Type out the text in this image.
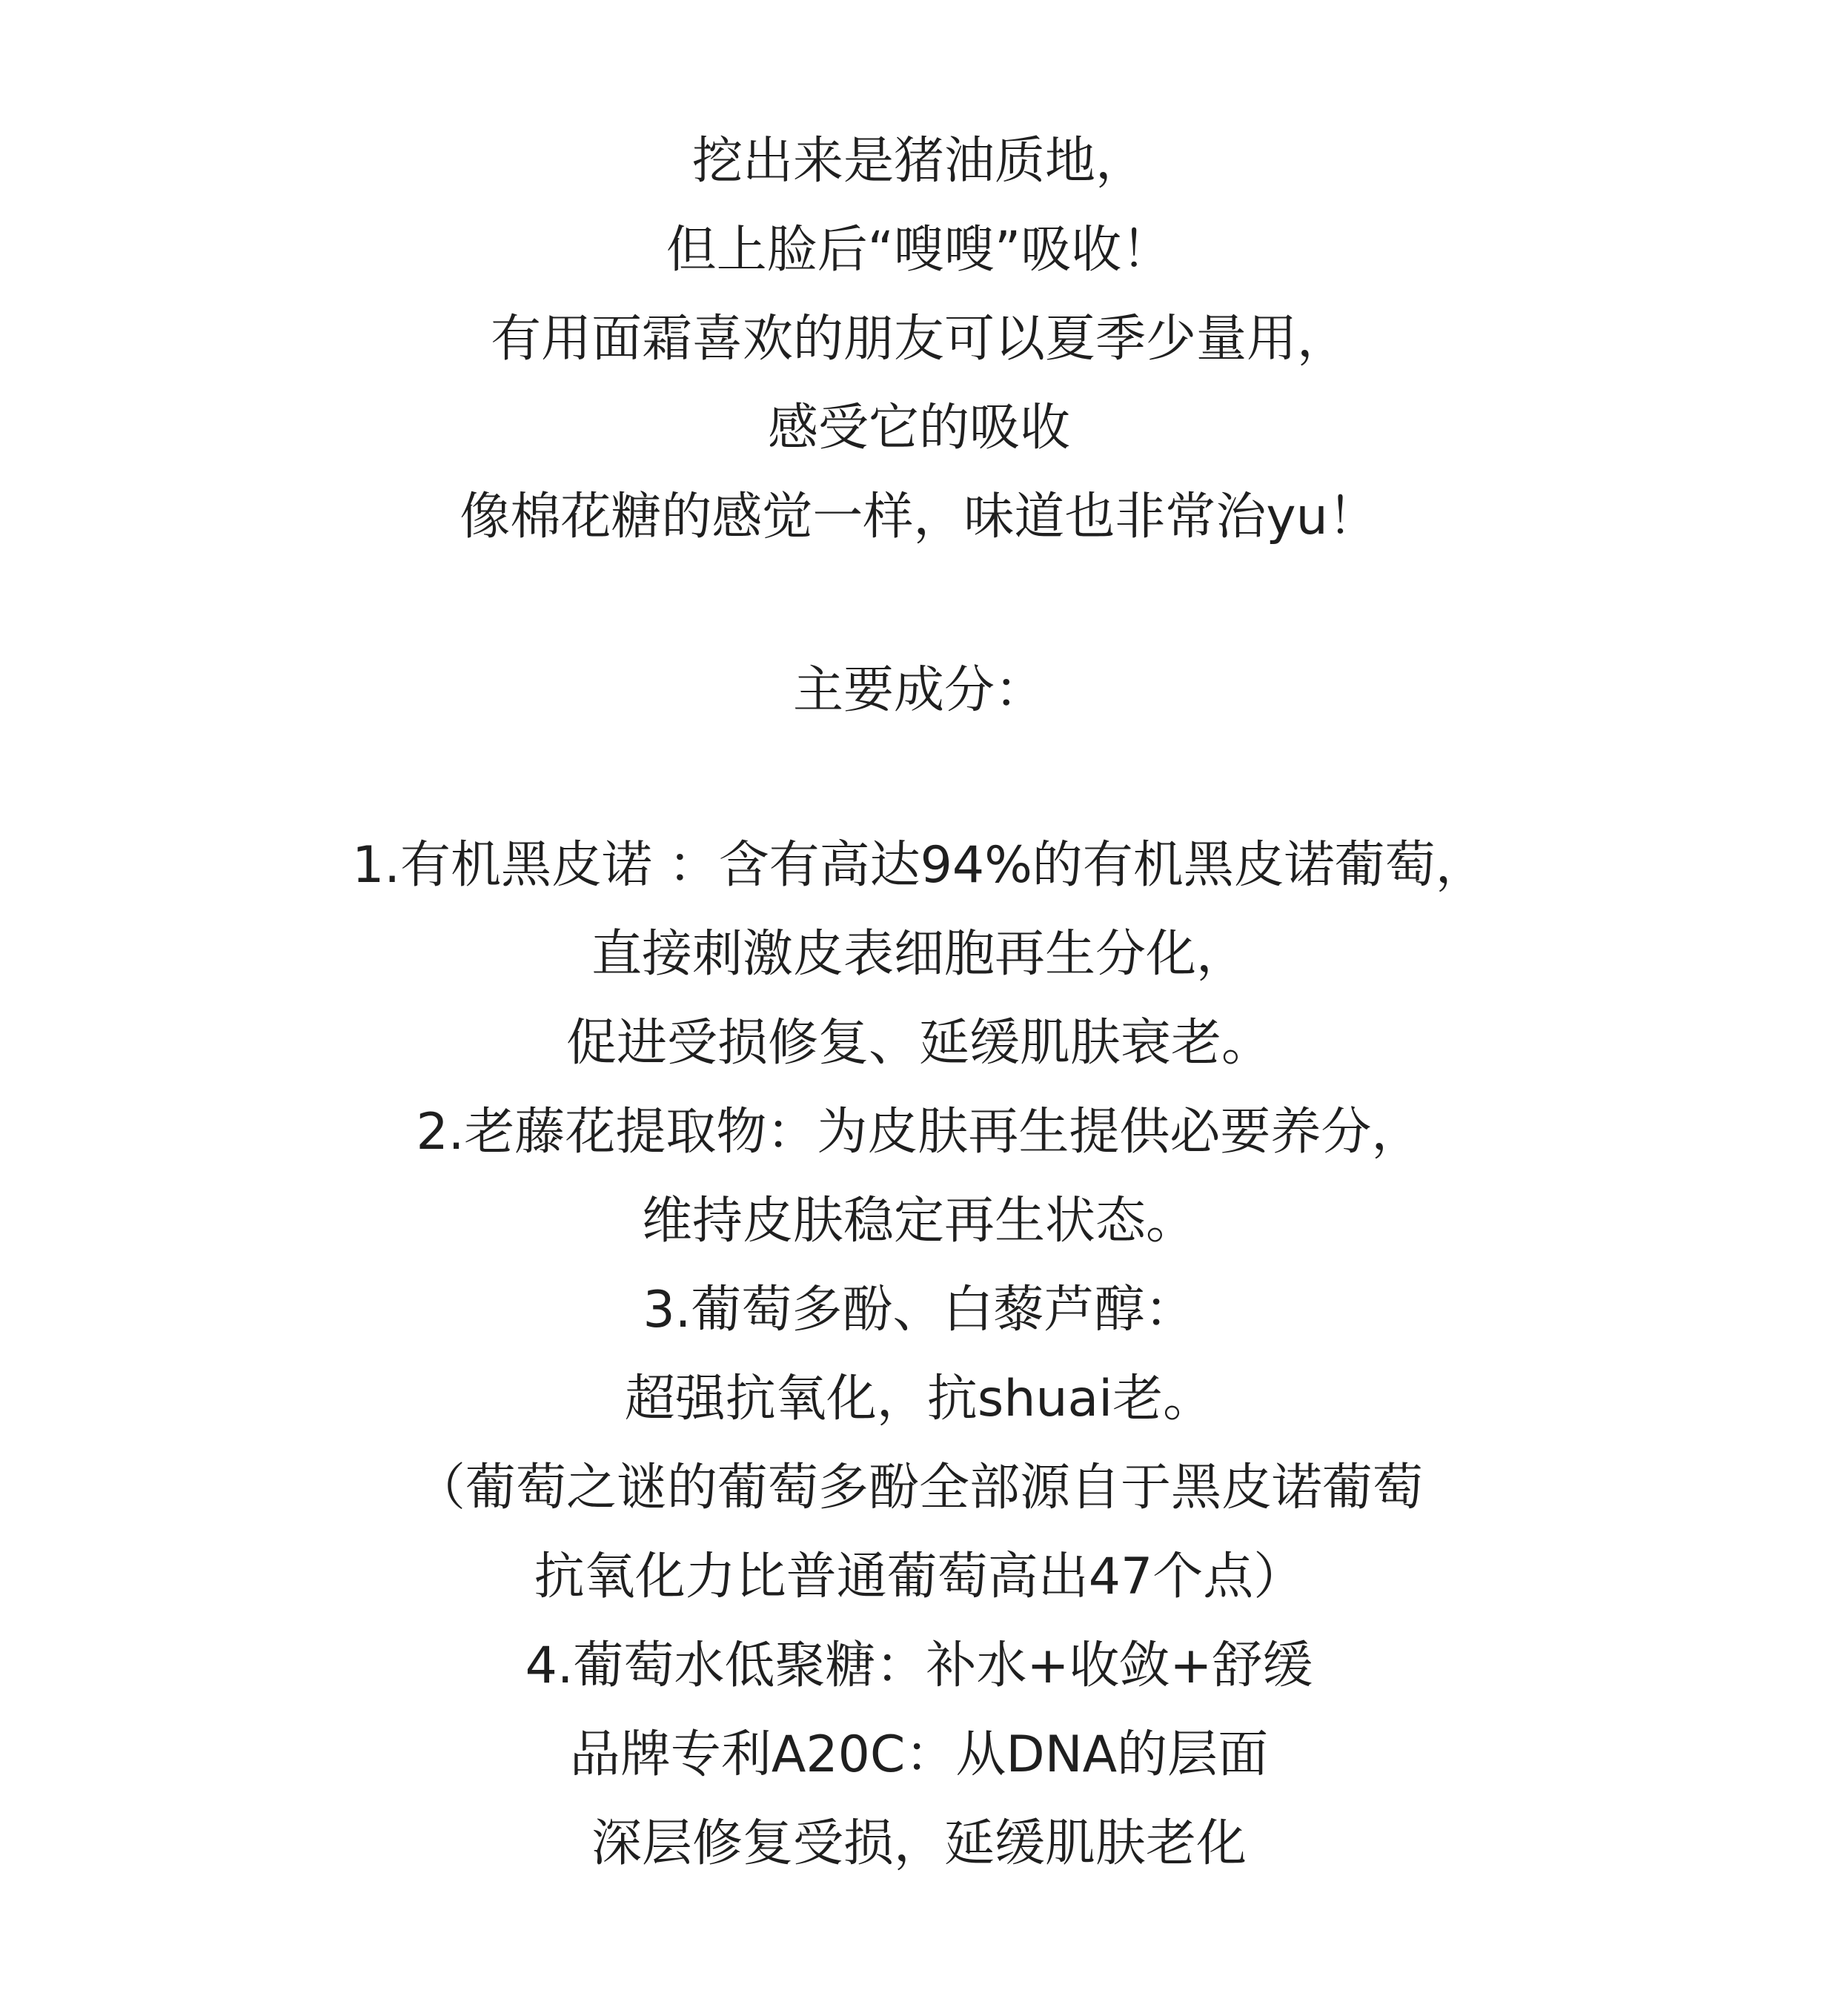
挖出来是猪油质地，
但上脸后“嗖嗖”吸收！
有用面霜喜欢的朋友可以夏季少量用，
感受它的吸收
像棉花糖的感觉一样，味道也非常治yu！
主要成分：
1.有机黑皮诺 ：含有高达94%的有机黑皮诺葡萄，
直接刺激皮表细胞再生分化，
促进受损修复、延缓肌肤衰老。
2.老藤花提取物：为皮肤再生提供必要养分，
维持皮肤稳定再生状态。
3.葡萄多酚、白藜芦醇：
超强抗氧化，抗shuai老。
（葡萄之谜的葡萄多酚全部源自于黑皮诺葡萄
抗氧化力比普通葡萄高出47个点）
4.葡萄水低聚糖：补水+收敛+舒缓
品牌专利A20C：从DNA的层面
深层修复受损，延缓肌肤老化
